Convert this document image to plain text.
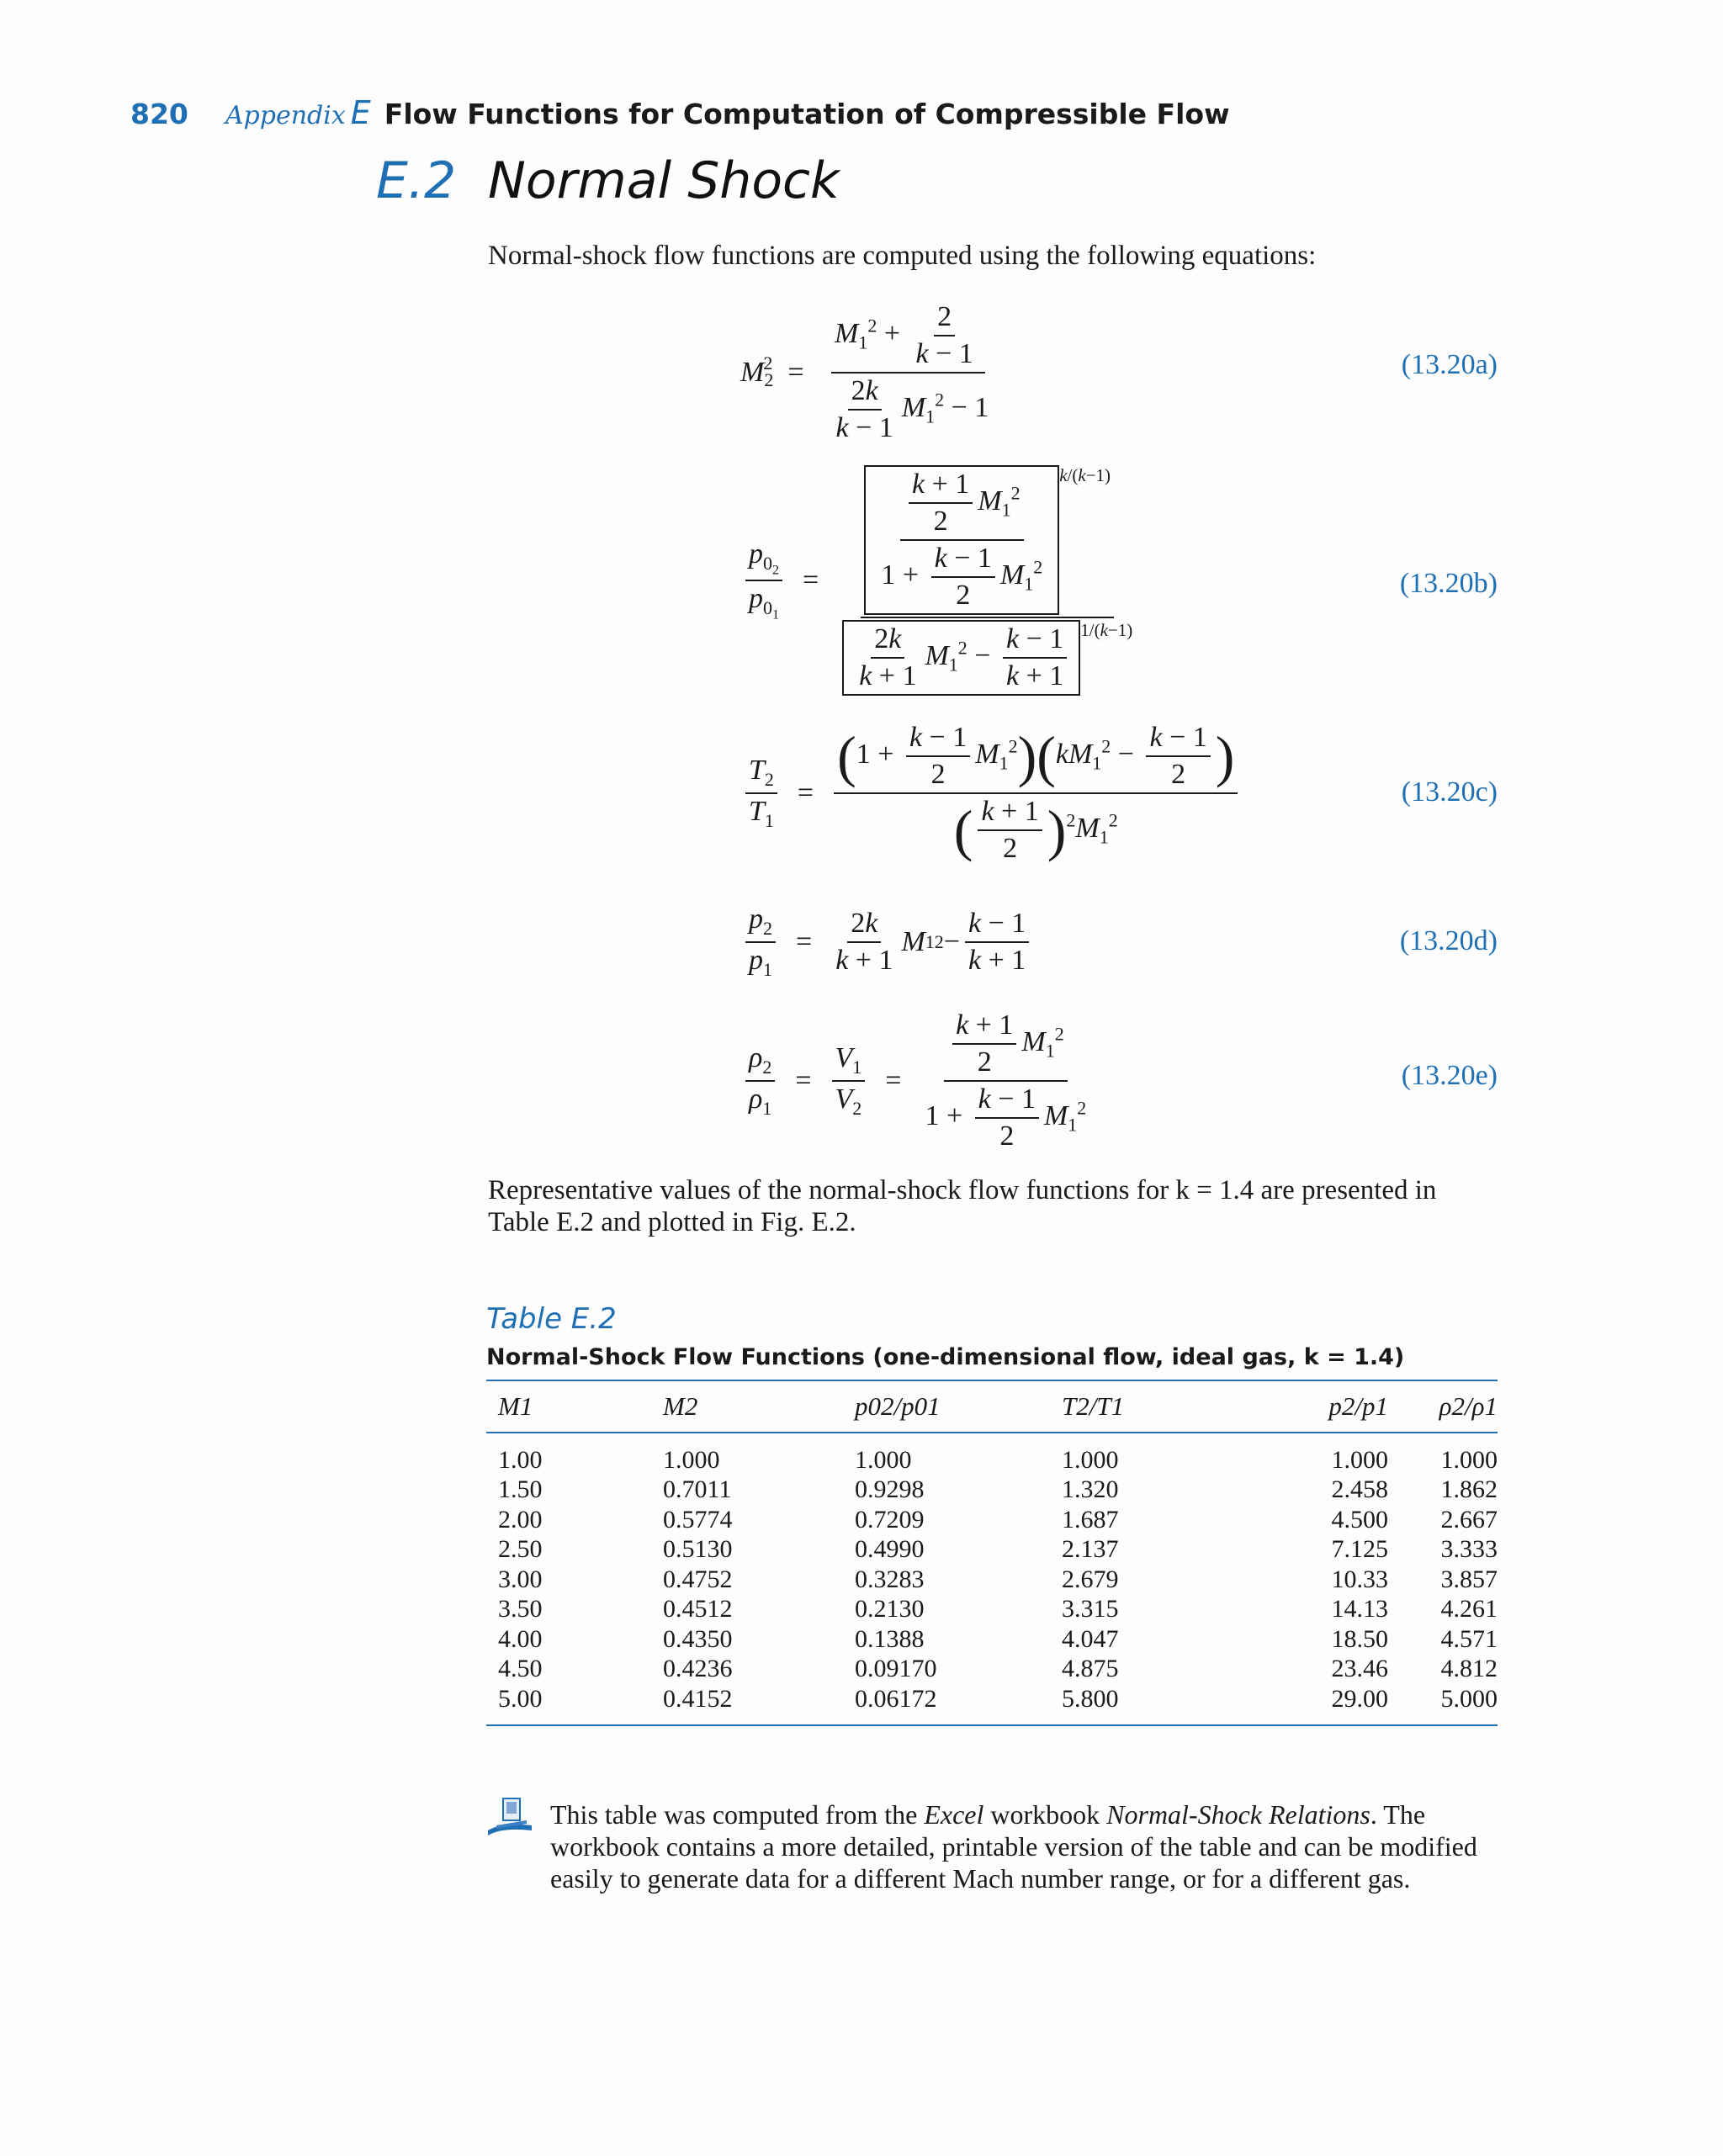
820 Appendix E Flow Functions for Computation of Compressible Flow
E.2 Normal Shock
Normal-shock flow functions are computed using the following equations:
$M_2$
$2 = \frac{M_1^2 + \frac{2}{k - 1}}{\frac{2k}{k - 1} M_1^2 - 1}$	(13.20a)
$\frac{p_{0_2}}{p_{0_1}} = \frac{\frac{\frac{k + 1}{2} M_1^2}{1 + \frac{k - 1}{2} M_1^2} ^{k/(k-1)}}{\frac{2k}{k + 1} M_1^2 - \frac{k - 1}{k + 1} ^{1/(k-1)}}$	(13.20b)
$\frac{T_2}{T_1} = \frac{(1 + \frac{k - 1}{2} M_1^2)(kM_1^2 - \frac{k - 1}{2} )}{( \frac{k + 1}{2} )^2M_1^2}$	(13.20c)
$\frac{p_2}{p_1} = \frac{2k}{k + 1}$ M 1 $2 - \frac{k - 1}{k + 1}$	(13.20d)
$\frac{\rho_2}{\rho_1} = \frac{V_1}{V_2} = \frac{\frac{k + 1}{2} M_1^2}{1 + \frac{k - 1}{2} M_1^2}$	(13.20e)
Representative values of the normal-shock flow functions for k = 1.4 are presented in
Table E.2 and plotted in Fig. E.2.
Table E.2
Normal-Shock Flow Functions (one-dimensional flow, ideal gas, k = 1.4)
M1	M2	p02/p01	T2/T1	p2/p1	ρ2/ρ1
1.00	1.000	1.000	1.000	1.000	1.000
1.50	0.7011	0.9298	1.320	2.458	1.862
2.00	0.5774	0.7209	1.687	4.500	2.667
2.50	0.5130	0.4990	2.137	7.125	3.333
3.00	0.4752	0.3283	2.679	10.33	3.857
3.50	0.4512	0.2130	3.315	14.13	4.261
4.00	0.4350	0.1388	4.047	18.50	4.571
4.50	0.4236	0.09170	4.875	23.46	4.812
5.00	0.4152	0.06172	5.800	29.00	5.000
This table was computed from the Excel workbook Normal-Shock Relations. The workbook contains a more detailed, printable version of the table and can be modified easily to generate data for a different Mach number range, or for a different gas.
